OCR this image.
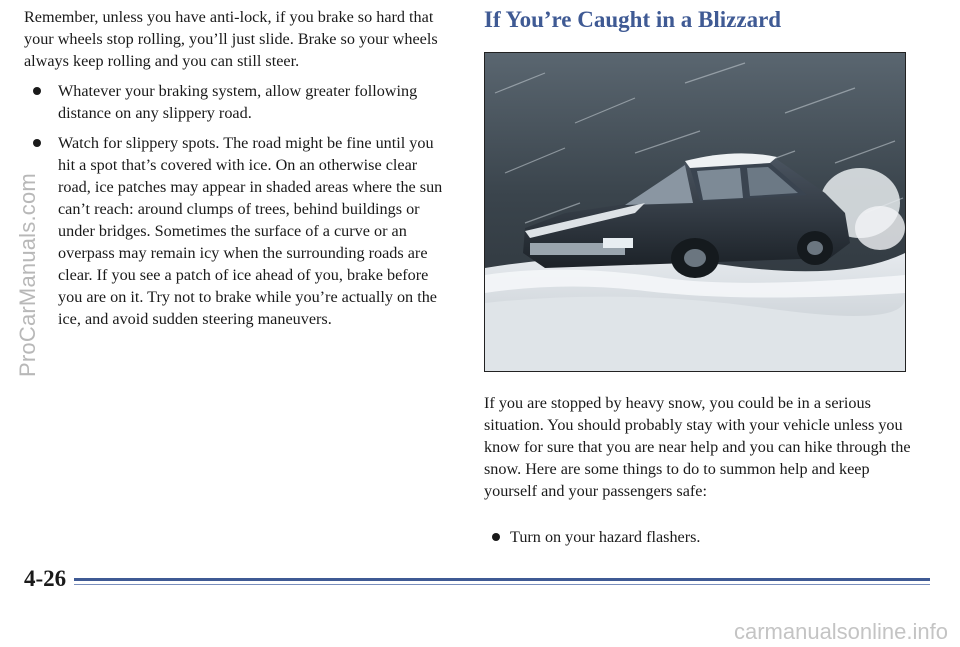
ProCarManuals.com

Remember, unless you have anti-lock, if you brake so hard that your wheels stop rolling, you’ll just slide. Brake so your wheels always keep rolling and you can still steer.

Whatever your braking system, allow greater following distance on any slippery road.
Watch for slippery spots. The road might be fine until you hit a spot that’s covered with ice. On an otherwise clear road, ice patches may appear in shaded areas where the sun can’t reach: around clumps of trees, behind buildings or under bridges. Sometimes the surface of a curve or an overpass may remain icy when the surrounding roads are clear. If you see a patch of ice ahead of you, brake before you are on it. Try not to brake while you’re actually on the ice, and avoid sudden steering maneuvers.
If You’re Caught in a Blizzard

If you are stopped by heavy snow, you could be in a serious situation. You should probably stay with your vehicle unless you know for sure that you are near help and you can hike through the snow. Here are some things to do to summon help and keep yourself and your passengers safe:

Turn on your hazard flashers.
4-26
carmanualsonline.info
